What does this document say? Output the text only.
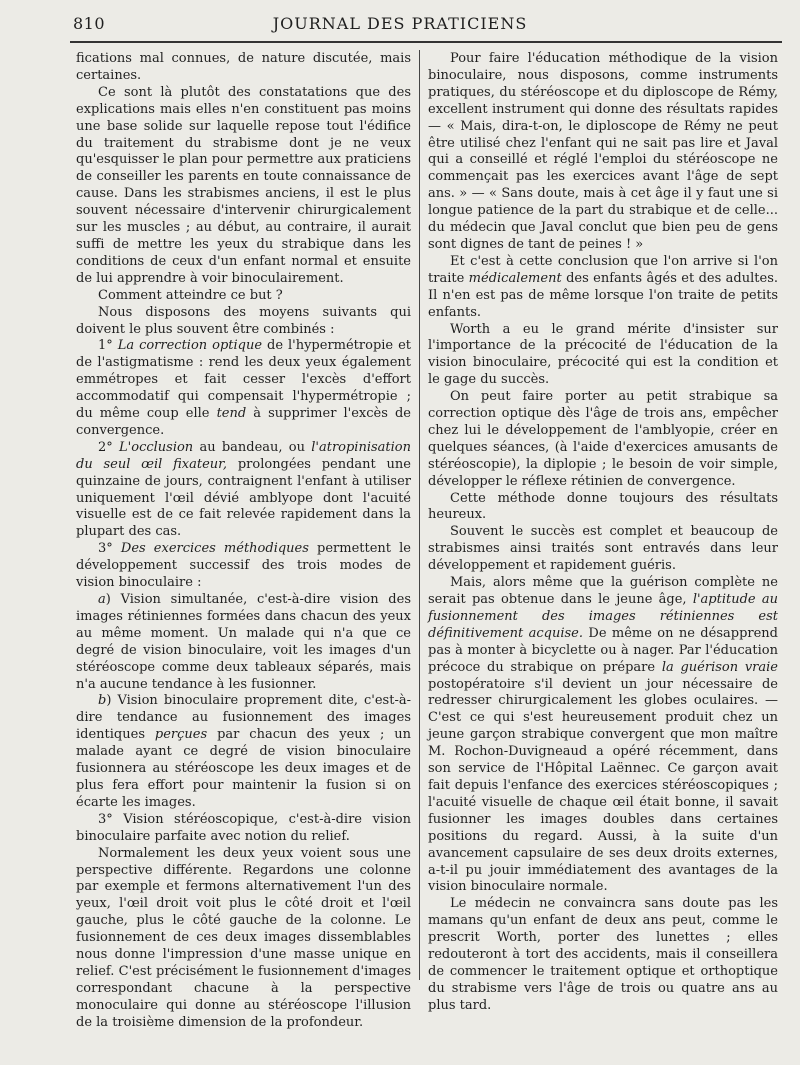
810	JOURNAL DES PRATICIENS

fications mal connues, de nature discutée, mais certaines.

Ce sont là plutôt des constatations que des explications mais elles n'en constituent pas moins une base solide sur laquelle repose tout l'édifice du traitement du strabisme dont je ne veux qu'esquisser le plan pour permettre aux praticiens de conseiller les parents en toute connaissance de cause. Dans les strabismes anciens, il est le plus souvent nécessaire d'intervenir chirurgicalement sur les muscles ; au début, au contraire, il aurait suffi de mettre les yeux du strabique dans les conditions de ceux d'un enfant normal et ensuite de lui apprendre à voir binoculairement.

Comment atteindre ce but ?

Nous disposons des moyens suivants qui doivent le plus souvent être combinés :

1° La correction optique de l'hypermétropie et de l'astigmatisme : rend les deux yeux également emmétropes et fait cesser l'excès d'effort accommodatif qui compensait l'hypermétropie ; du même coup elle tend à supprimer l'excès de convergence.

2° L'occlusion au bandeau, ou l'atropinisation du seul œil fixateur, prolongées pendant une quinzaine de jours, contraignent l'enfant à utiliser uniquement l'œil dévié amblyope dont l'acuité visuelle est de ce fait relevée rapidement dans la plupart des cas.

3° Des exercices méthodiques permettent le développement successif des trois modes de vision binoculaire :

a) Vision simultanée, c'est-à-dire vision des images rétiniennes formées dans chacun des yeux au même moment. Un malade qui n'a que ce degré de vision binoculaire, voit les images d'un stéréoscope comme deux tableaux séparés, mais n'a aucune tendance à les fusionner.

b) Vision binoculaire proprement dite, c'est-à-dire tendance au fusionnement des images identiques perçues par chacun des yeux ; un malade ayant ce degré de vision binoculaire fusionnera au stéréoscope les deux images et de plus fera effort pour maintenir la fusion si on écarte les images.

3° Vision stéréoscopique, c'est-à-dire vision binoculaire parfaite avec notion du relief.

Normalement les deux yeux voient sous une perspective différente. Regardons une colonne par exemple et fermons alternativement l'un des yeux, l'œil droit voit plus le côté droit et l'œil gauche, plus le côté gauche de la colonne. Le fusionnement de ces deux images dissemblables nous donne l'impression d'une masse unique en relief. C'est précisément le fusionnement d'images correspondant chacune à la perspective monoculaire qui donne au stéréoscope l'illusion de la troisième dimension de la profondeur.

Pour faire l'éducation méthodique de la vision binoculaire, nous disposons, comme instruments pratiques, du stéréoscope et du diploscope de Rémy, excellent instrument qui donne des résultats rapides — « Mais, dira-t-on, le diploscope de Rémy ne peut être utilisé chez l'enfant qui ne sait pas lire et Javal qui a conseillé et réglé l'emploi du stéréoscope ne commençait pas les exercices avant l'âge de sept ans. » — « Sans doute, mais à cet âge il y faut une si longue patience de la part du strabique et de celle... du médecin que Javal conclut que bien peu de gens sont dignes de tant de peines ! »

Et c'est à cette conclusion que l'on arrive si l'on traite médicalement des enfants âgés et des adultes. Il n'en est pas de même lorsque l'on traite de petits enfants.

Worth a eu le grand mérite d'insister sur l'importance de la précocité de l'éducation de la vision binoculaire, précocité qui est la condition et le gage du succès.

On peut faire porter au petit strabique sa correction optique dès l'âge de trois ans, empêcher chez lui le développement de l'amblyopie, créer en quelques séances, (à l'aide d'exercices amusants de stéréoscopie), la diplopie ; le besoin de voir simple, développer le réflexe rétinien de convergence.

Cette méthode donne toujours des résultats heureux.

Souvent le succès est complet et beaucoup de strabismes ainsi traités sont entravés dans leur développement et rapidement guéris.

Mais, alors même que la guérison complète ne serait pas obtenue dans le jeune âge, l'aptitude au fusionnement des images rétiniennes est définitivement acquise. De même on ne désapprend pas à monter à bicyclette ou à nager. Par l'éducation précoce du strabique on prépare la guérison vraie postopératoire s'il devient un jour nécessaire de redresser chirurgicalement les globes oculaires. — C'est ce qui s'est heureusement produit chez un jeune garçon strabique convergent que mon maître M. Rochon-Duvigneaud a opéré récemment, dans son service de l'Hôpital Laënnec. Ce garçon avait fait depuis l'enfance des exercices stéréoscopiques ; l'acuité visuelle de chaque œil était bonne, il savait fusionner les images doubles dans certaines positions du regard. Aussi, à la suite d'un avancement capsulaire de ses deux droits externes, a-t-il pu jouir immédiatement des avantages de la vision binoculaire normale.

Le médecin ne convaincra sans doute pas les mamans qu'un enfant de deux ans peut, comme le prescrit Worth, porter des lunettes ; elles redouteront à tort des accidents, mais il conseillera de commencer le traitement optique et orthoptique du strabisme vers l'âge de trois ou quatre ans au plus tard.
